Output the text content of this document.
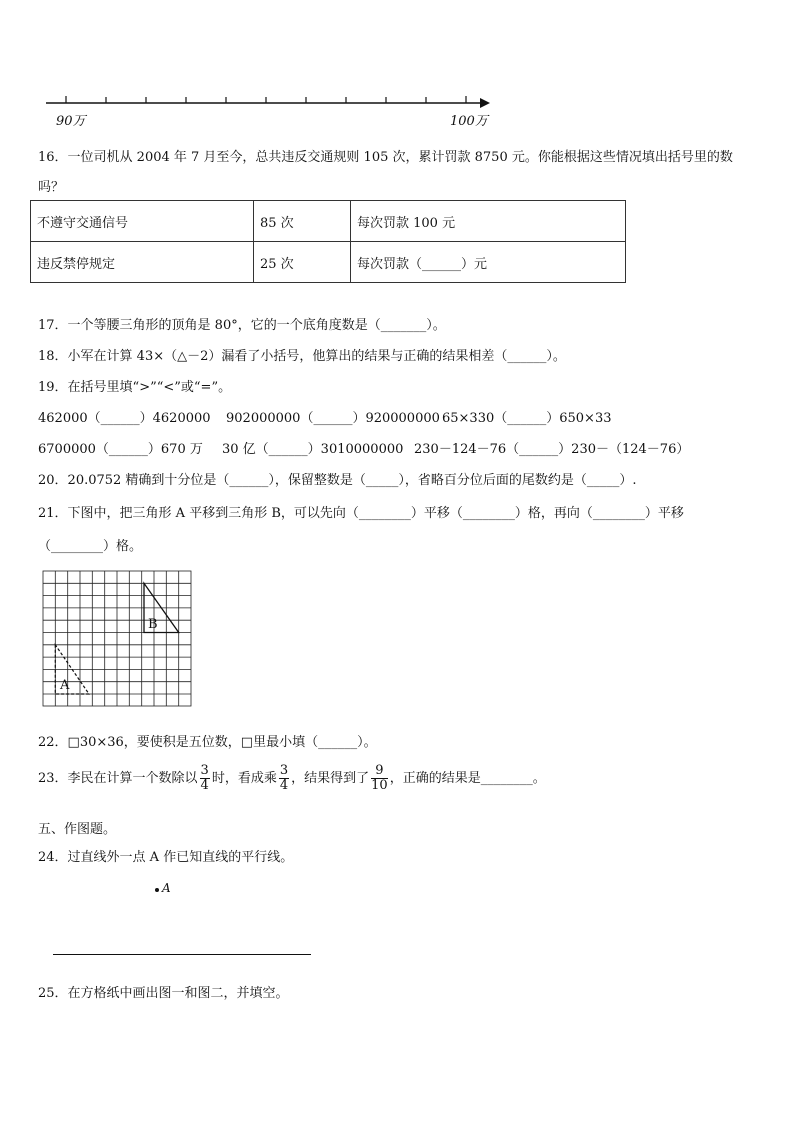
90万	100万
16．一位司机从 2004 年 7 月至今，总共违反交通规则 105 次，累计罚款 8750 元。你能根据这些情况填出括号里的数
吗？
不遵守交通信号	85 次	每次罚款 100 元
违反禁停规定	25 次	每次罚款（______）元
17．一个等腰三角形的顶角是 80°，它的一个底角度数是（_______）。
18．小军在计算 43×（△－2）漏看了小括号，他算出的结果与正确的结果相差（______）。
19．在括号里填“>”“<”或“=”。
462000（______）4620000 902000000（______）920000000 65×330（______）650×33
6700000（______）670 万 30 亿（______）3010000000 230－124－76（______）230－（124－76）
20．20.0752 精确到十分位是（______），保留整数是（_____），省略百分位后面的尾数约是（_____）.
21．下图中，把三角形 A 平移到三角形 B，可以先向（________）平移（________）格，再向（________）平移
（________）格。
B
A
22．□30×36，要使积是五位数，□里最小填（______）。
23．李民在计算一个数除以 $\frac{3}{4}$ 时，看成乘 $\frac{3}{4}$ ，结果得到了 $\frac{9}{10}$ ，正确的结果是________。
五、作图题。
24．过直线外一点 A 作已知直线的平行线。
A
25．在方格纸中画出图一和图二，并填空。
